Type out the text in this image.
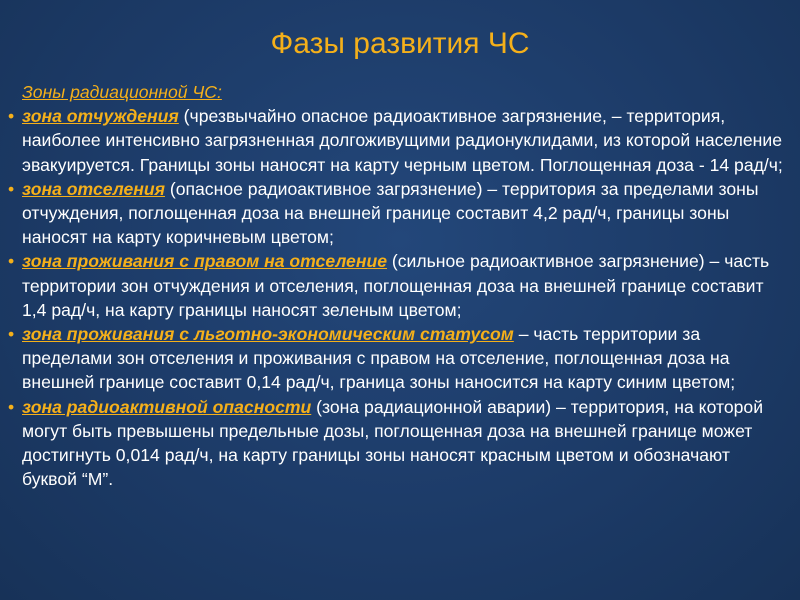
Фазы развития ЧС
Зоны радиационной ЧС:
• зона отчуждения (чрезвычайно опасное радиоактивное загрязнение, – территория, наиболее интенсивно загрязненная долгоживущими радионуклидами, из которой население эвакуируется. Границы зоны наносят на карту черным цветом. Поглощенная доза - 14 рад/ч;
• зона отселения (опасное радиоактивное загрязнение) – территория за пределами зоны отчуждения, поглощенная доза на внешней границе составит 4,2 рад/ч, границы зоны наносят на карту коричневым цветом;
• зона проживания с правом на отселение (сильное радиоактивное загрязнение) – часть территории зон отчуждения и отселения, поглощенная доза на внешней границе составит 1,4 рад/ч, на карту границы наносят зеленым цветом;
• зона проживания с льготно-экономическим статусом – часть территории за пределами зон отселения и проживания с правом на отселение, поглощенная доза на внешней границе составит 0,14 рад/ч, граница зоны наносится на карту синим цветом;
• зона радиоактивной опасности (зона радиационной аварии) – территория, на которой могут быть превышены предельные дозы, поглощенная доза на внешней границе может достигнуть 0,014 рад/ч, на карту границы зоны наносят красным цветом и обозначают буквой “М”.
